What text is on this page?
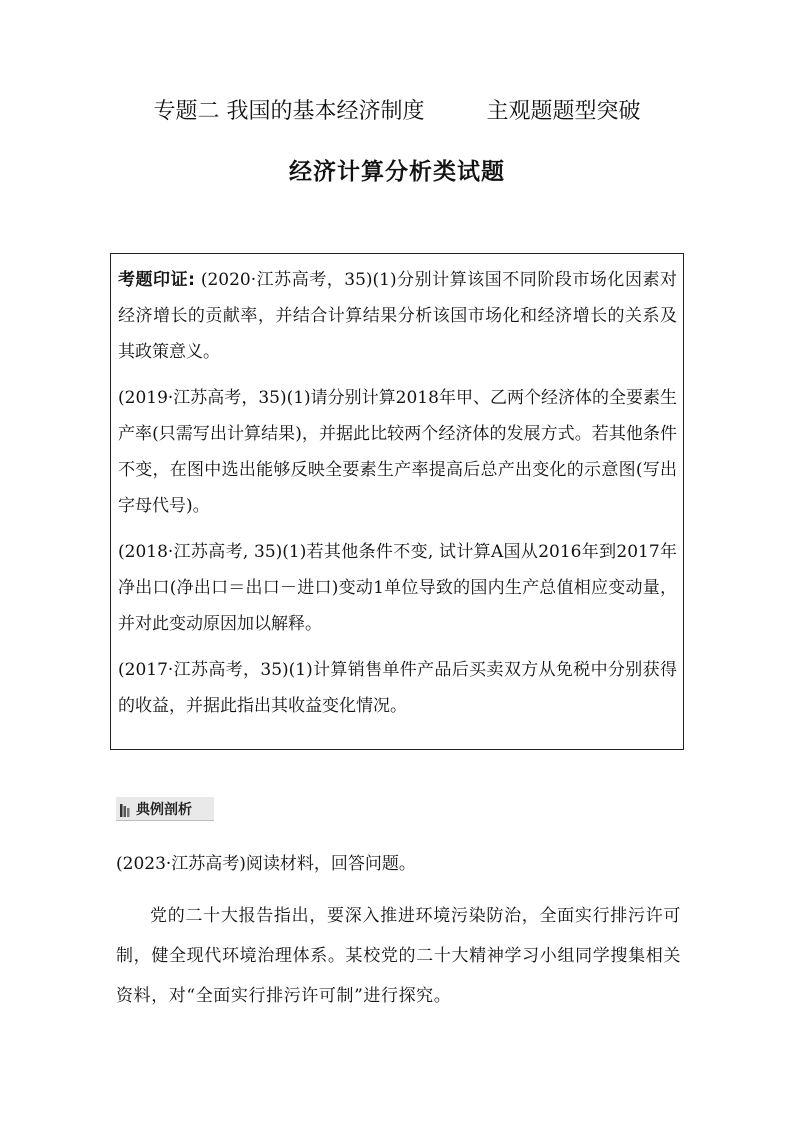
专题二 我国的基本经济制度	主观题题型突破
经济计算分析类试题

考题印证: (2020·江苏高考，35)(1)分别计算该国不同阶段市场化因素对经济增长的贡献率，并结合计算结果分析该国市场化和经济增长的关系及其政策意义。

(2019·江苏高考，35)(1)请分别计算2018年甲、乙两个经济体的全要素生产率(只需写出计算结果)，并据此比较两个经济体的发展方式。若其他条件不变，在图中选出能够反映全要素生产率提高后总产出变化的示意图(写出字母代号)。

(2018·江苏高考, 35)(1)若其他条件不变, 试计算A国从2016年到2017年净出口(净出口＝出口－进口)变动1单位导致的国内生产总值相应变动量，并对此变动原因加以解释。

(2017·江苏高考，35)(1)计算销售单件产品后买卖双方从免税中分别获得的收益，并据此指出其收益变化情况。

典例剖析
(2023·江苏高考)阅读材料，回答问题。

党的二十大报告指出，要深入推进环境污染防治，全面实行排污许可制，健全现代环境治理体系。某校党的二十大精神学习小组同学搜集相关资料，对“全面实行排污许可制”进行探究。
